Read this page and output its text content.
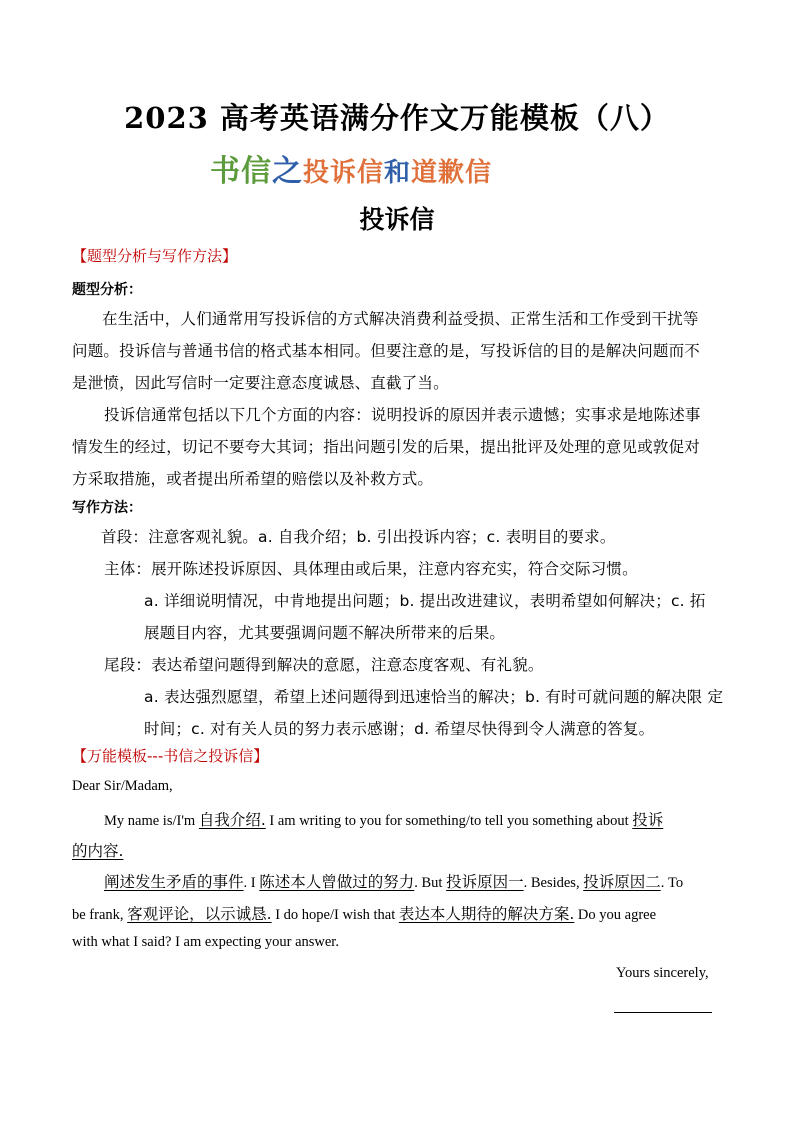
2023 高考英语满分作文万能模板（八）
书信之投诉信和道歉信
投诉信
【题型分析与写作方法】
题型分析：
在生活中，人们通常用写投诉信的方式解决消费利益受损、正常生活和工作受到干扰等
问题。投诉信与普通书信的格式基本相同。但要注意的是，写投诉信的目的是解决问题而不
是泄愤，因此写信时一定要注意态度诚恳、直截了当。
投诉信通常包括以下几个方面的内容：说明投诉的原因并表示遗憾；实事求是地陈述事
情发生的经过，切记不要夸大其词；指出问题引发的后果，提出批评及处理的意见或敦促对
方采取措施，或者提出所希望的赔偿以及补救方式。
写作方法：
首段：注意客观礼貌。a. 自我介绍；b. 引出投诉内容；c. 表明目的要求。
主体：展开陈述投诉原因、具体理由或后果，注意内容充实，符合交际习惯。
a. 详细说明情况，中肯地提出问题；b. 提出改进建议，表明希望如何解决；c. 拓
展题目内容，尤其要强调问题不解决所带来的后果。
尾段：表达希望问题得到解决的意愿，注意态度客观、有礼貌。
a. 表达强烈愿望，希望上述问题得到迅速恰当的解决；b. 有时可就问题的解决限 定
时间；c. 对有关人员的努力表示感谢；d. 希望尽快得到令人满意的答复。
【万能模板---书信之投诉信】
Dear Sir/Madam,
My name is/I'm 自我介绍. I am writing to you for something/to tell you something about 投诉
的内容.
阐述发生矛盾的事件. I 陈述本人曾做过的努力. But 投诉原因一. Besides, 投诉原因二. To
be frank, 客观评论，以示诚恳. I do hope/I wish that 表达本人期待的解决方案. Do you agree
with what I said? I am expecting your answer.
Yours sincerely,
